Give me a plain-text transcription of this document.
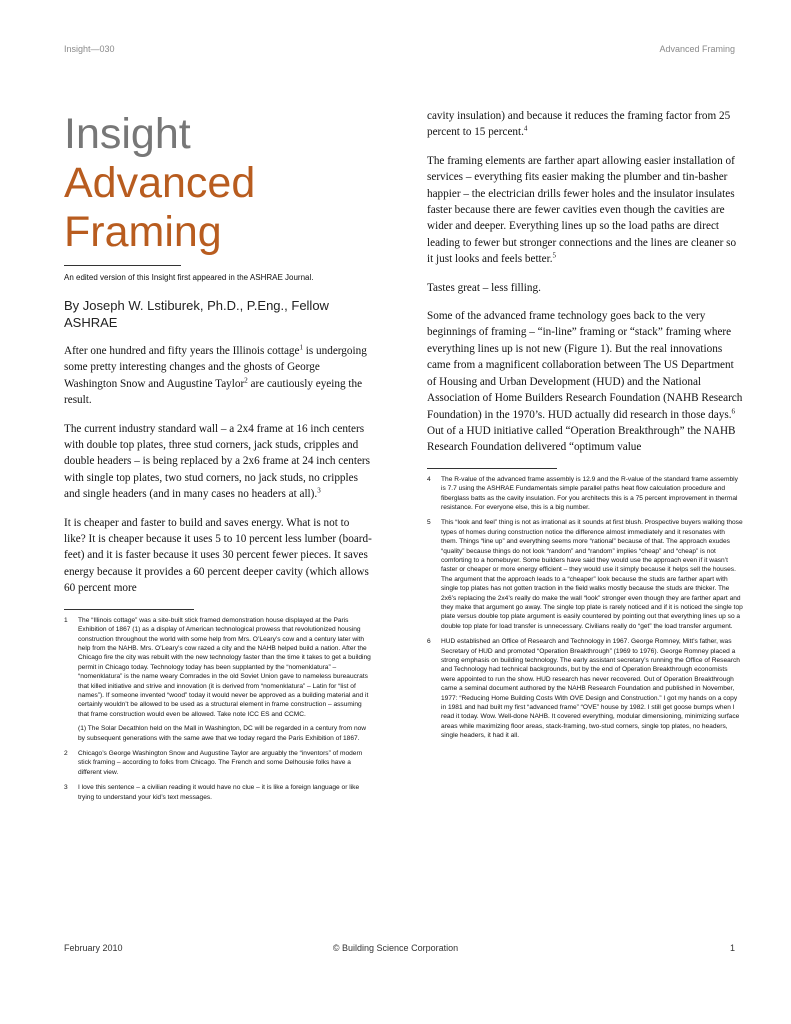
Insight—030	Advanced Framing
Insight
Advanced
Framing

An edited version of this Insight first appeared in the ASHRAE Journal.

By Joseph W. Lstiburek, Ph.D., P.Eng., Fellow ASHRAE

After one hundred and fifty years the Illinois cottage$^1$ is undergoing some pretty interesting changes and the ghosts of George Washington Snow and Augustine Taylor$^2$ are cautiously eyeing the result.

The current industry standard wall – a 2x4 frame at 16 inch centers with double top plates, three stud corners, jack studs, cripples and double headers – is being replaced by a 2x6 frame at 24 inch centers with single top plates, two stud corners, no jack studs, no cripples and single headers (and in many cases no headers at all).$^3$

It is cheaper and faster to build and saves energy. What is not to like? It is cheaper because it uses 5 to 10 percent less lumber (board-feet) and it is faster because it uses 30 percent fewer pieces. It saves energy because it provides a 60 percent deeper cavity (which allows 60 percent more

1 The “Illinois cottage” was a site-built stick framed demonstration house displayed at the Paris Exhibition of 1867 (1) as a display of American technological prowess that revolutionized housing construction throughout the world with some help from Mrs. O’Leary’s cow and a century later with help from the NAHB. Mrs. O’Leary’s cow razed a city and the NAHB helped build a nation. After the Chicago fire the city was rebuilt with the new technology faster than the time it takes to get a building permit in Chicago today. Technology today has been supplanted by the “nomenklatura” – “nomenklatura” is the name weary Comrades in the old Soviet Union gave to nameless bureaucrats that killed initiative and strive and innovation (it is derived from “nomenklatura” – Latin for “list of names”). If someone invented “wood” today it would never be approved as a building material and it certainly wouldn’t be allowed to be used as a structural element in frame construction – assuming that frame construction would even be allowed. Take note ICC ES and CCMC.

(1) The Solar Decathlon held on the Mall in Washington, DC will be regarded in a century from now by subsequent generations with the same awe that we today regard the Paris Exhibition of 1867.

2 Chicago’s George Washington Snow and Augustine Taylor are arguably the “inventors” of modern stick framing – according to folks from Chicago. The French and some Delhousie folks have a different view.

3 I love this sentence – a civilian reading it would have no clue – it is like a foreign language or like trying to understand your kid’s text messages.

cavity insulation) and because it reduces the framing factor from 25 percent to 15 percent.$^4$

The framing elements are farther apart allowing easier installation of services – everything fits easier making the plumber and tin-basher happier – the electrician drills fewer holes and the insulator insulates faster because there are fewer cavities even though the cavities are wider and deeper. Everything lines up so the load paths are direct leading to fewer but stronger connections and the lines are cleaner so it just looks and feels better.$^5$

Tastes great – less filling.

Some of the advanced frame technology goes back to the very beginnings of framing – “in-line” framing or “stack” framing where everything lines up is not new (Figure 1). But the real innovations came from a magnificent collaboration between The US Department of Housing and Urban Development (HUD) and the National Association of Home Builders Research Foundation (NAHB Research Foundation) in the 1970’s. HUD actually did research in those days.$^6$ Out of a HUD initiative called “Operation Breakthrough” the NAHB Research Foundation delivered “optimum value

4 The R-value of the advanced frame assembly is 12.9 and the R-value of the standard frame assembly is 7.7 using the ASHRAE Fundamentals simple parallel paths heat flow calculation procedure and fiberglass batts as the cavity insulation. For you architects this is a 75 percent improvement in thermal resistance. For everyone else, this is a big number.

5 This “look and feel” thing is not as irrational as it sounds at first blush. Prospective buyers walking those types of homes during construction notice the difference almost immediately and it resonates with them. Things “line up” and everything seems more “rational” because of that. The approach exudes “quality” because things do not look “random” and “random” implies “cheap” and “cheap” is not comforting to a homebuyer. Some builders have said they would use the approach even if it wasn’t faster or cheaper or more energy efficient – they would use it simply because it helps sell the houses. The argument that the approach leads to a “cheaper” look because the studs are farther apart with single top plates has not gotten traction in the field walks mostly because the studs are thicker. The 2x6’s replacing the 2x4’s really do make the wall “look” stronger even though they are farther apart and they make that argument go away. The single top plate is rarely noticed and if it is noticed the single top plate versus double top plate argument is easily countered by pointing out that everything lines up so a double top plate for load transfer is unnecessary. Civilians really do “get” the load transfer argument.

6 HUD established an Office of Research and Technology in 1967. George Romney, Mitt’s father, was Secretary of HUD and promoted “Operation Breakthrough” (1969 to 1976). George Romney placed a strong emphasis on building technology. The early assistant secretary’s running the Office of Research and Technology had technical backgrounds, but by the end of Operation Breakthrough economists were appointed to run the show. HUD research has never recovered. Out of Operation Breakthrough came a seminal document authored by the NAHB Research Foundation and published in November, 1977: “Reducing Home Building Costs With OVE Design and Construction.” I got my hands on a copy in 1981 and had built my first “advanced frame” “OVE” house by 1982. I still get goose bumps when I read it today. Wow. Well-done NAHB. It covered everything, modular dimensioning, minimizing surface areas while maximizing floor areas, stack-framing, two-stud corners, single top plates, no headers, single headers, it had it all.

February 2010	© Building Science Corporation	1
